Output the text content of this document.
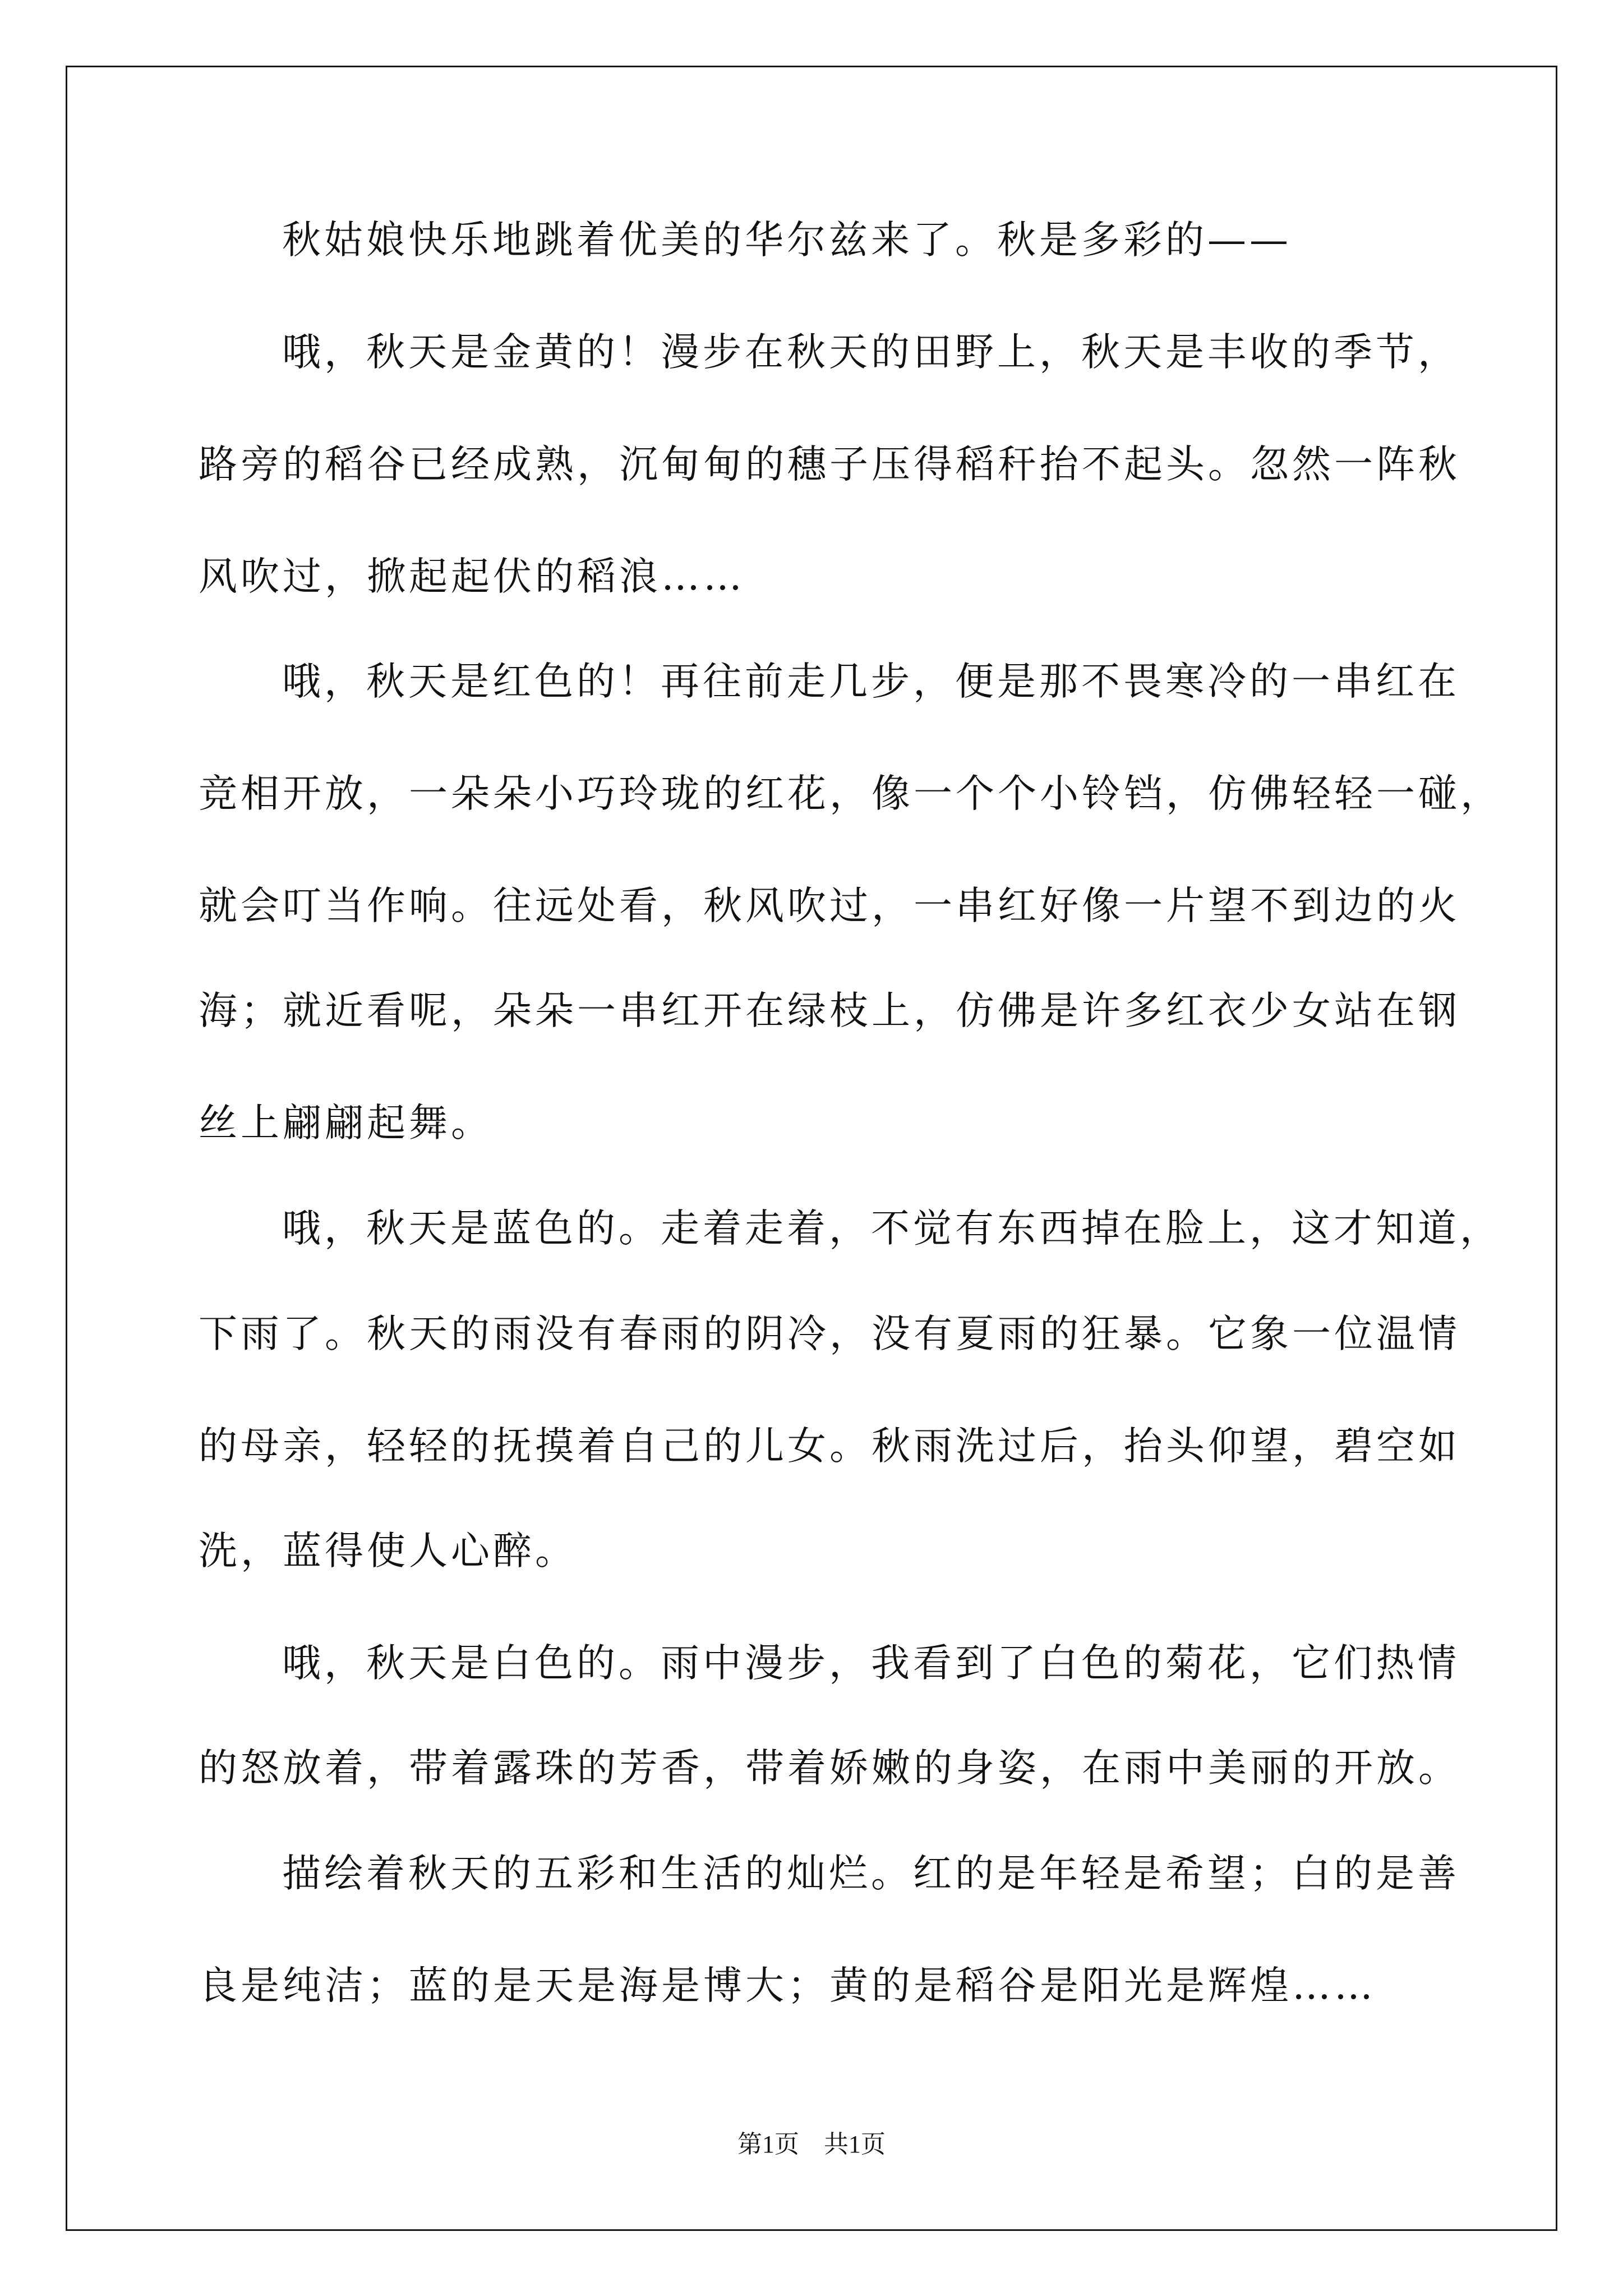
秋姑娘快乐地跳着优美的华尔兹来了。秋是多彩的——
哦，秋天是金黄的！漫步在秋天的田野上，秋天是丰收的季节，
路旁的稻谷已经成熟，沉甸甸的穗子压得稻秆抬不起头。忽然一阵秋
风吹过，掀起起伏的稻浪……
哦，秋天是红色的！再往前走几步，便是那不畏寒冷的一串红在
竞相开放，一朵朵小巧玲珑的红花，像一个个小铃铛，仿佛轻轻一碰，
就会叮当作响。往远处看，秋风吹过，一串红好像一片望不到边的火
海；就近看呢，朵朵一串红开在绿枝上，仿佛是许多红衣少女站在钢
丝上翩翩起舞。
哦，秋天是蓝色的。走着走着，不觉有东西掉在脸上，这才知道，
下雨了。秋天的雨没有春雨的阴冷，没有夏雨的狂暴。它象一位温情
的母亲，轻轻的抚摸着自己的儿女。秋雨洗过后，抬头仰望，碧空如
洗，蓝得使人心醉。
哦，秋天是白色的。雨中漫步，我看到了白色的菊花，它们热情
的怒放着，带着露珠的芳香，带着娇嫩的身姿，在雨中美丽的开放。
描绘着秋天的五彩和生活的灿烂。红的是年轻是希望；白的是善
良是纯洁；蓝的是天是海是博大；黄的是稻谷是阳光是辉煌……
第1页　共1页
